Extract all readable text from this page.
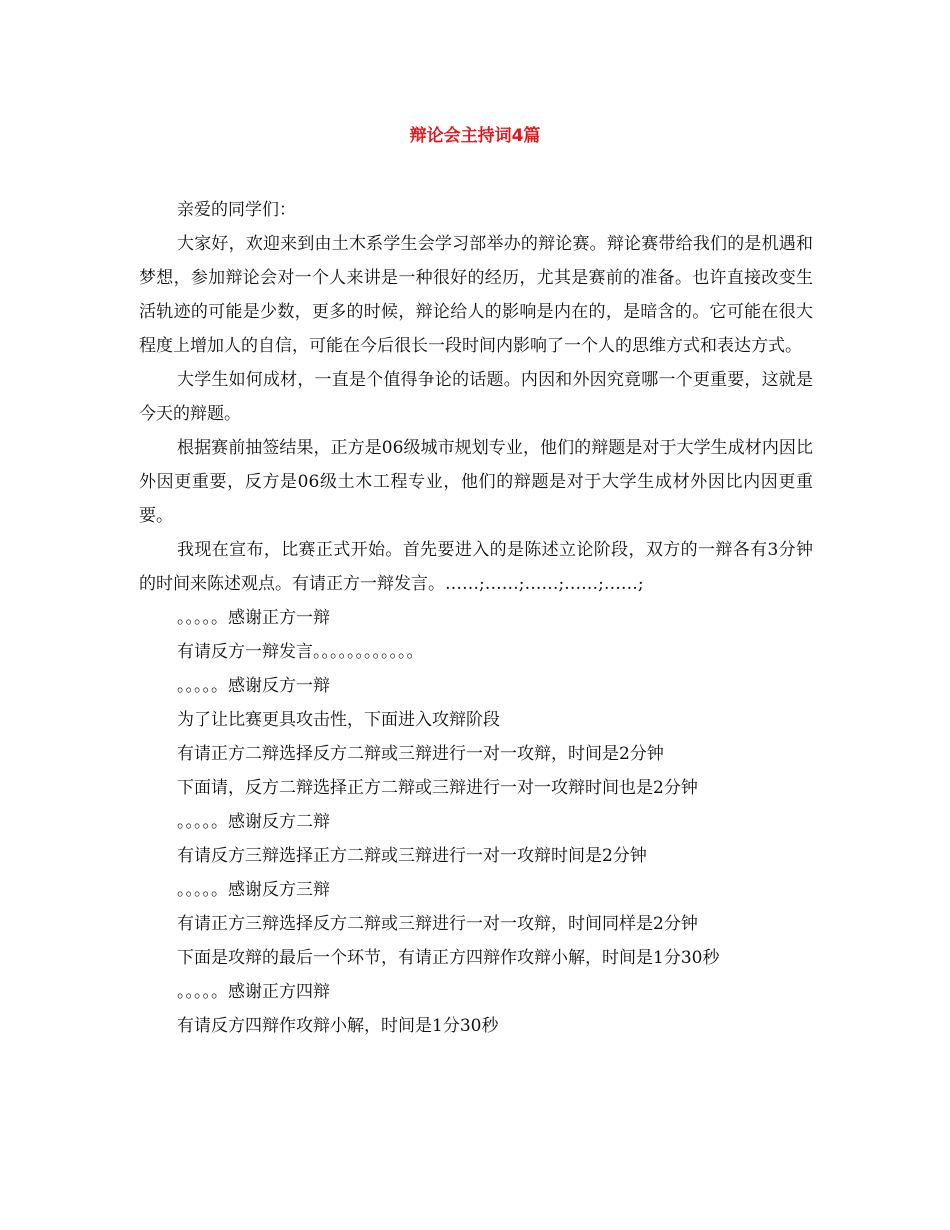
辩论会主持词4篇

亲爱的同学们：

大家好，欢迎来到由土木系学生会学习部举办的辩论赛。辩论赛带给我们的是机遇和梦想，参加辩论会对一个人来讲是一种很好的经历，尤其是赛前的准备。也许直接改变生活轨迹的可能是少数，更多的时候，辩论给人的影响是内在的，是暗含的。它可能在很大程度上增加人的自信，可能在今后很长一段时间内影响了一个人的思维方式和表达方式。

大学生如何成材，一直是个值得争论的话题。内因和外因究竟哪一个更重要，这就是今天的辩题。

根据赛前抽签结果，正方是06级城市规划专业，他们的辩题是对于大学生成材内因比外因更重要，反方是06级土木工程专业，他们的辩题是对于大学生成材外因比内因更重要。

我现在宣布，比赛正式开始。首先要进入的是陈述立论阶段，双方的一辩各有3分钟的时间来陈述观点。有请正方一辩发言。……;……;……;……;……;

。。。。。感谢正方一辩

有请反方一辩发言。。。。。。。。。。。。

。。。。。感谢反方一辩

为了让比赛更具攻击性，下面进入攻辩阶段

有请正方二辩选择反方二辩或三辩进行一对一攻辩，时间是2分钟

下面请，反方二辩选择正方二辩或三辩进行一对一攻辩时间也是2分钟

。。。。。感谢反方二辩

有请反方三辩选择正方二辩或三辩进行一对一攻辩时间是2分钟

。。。。。感谢反方三辩

有请正方三辩选择反方二辩或三辩进行一对一攻辩，时间同样是2分钟

下面是攻辩的最后一个环节，有请正方四辩作攻辩小解，时间是1分30秒

。。。。。感谢正方四辩

有请反方四辩作攻辩小解，时间是1分30秒
